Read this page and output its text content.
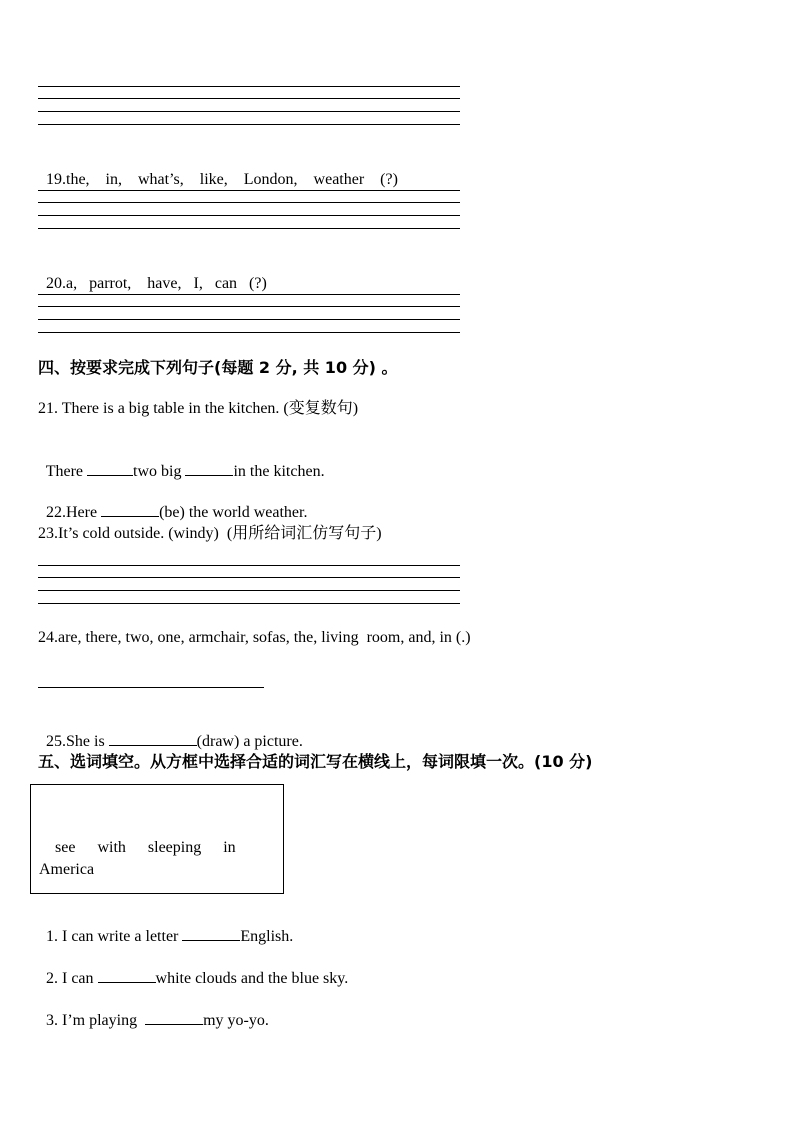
19.the,    in,    what’s,    like,    London,    weather    (?)

20.a,   parrot,    have,   I,   can   (?)

四、按要求完成下列句子(每题 2 分, 共 10 分) 。
21. There is a big table in the kitchen. (变复数句)

There	two big	in the kitchen.

22.Here	(be) the world weather.

23.It’s cold outside. (windy)  (用所给词汇仿写句子)
24.are, there, two, one, armchair, sofas, the, living  room, and, in (.)

25.She is	(draw) a picture.

五、选词填空。从方框中选择合适的词汇写在横线上，每词限填一次。(10 分)

see with sleeping in

America

1. I can write a letter	English.

2. I can	white clouds and the blue sky.

3. I’m playing	my yo-yo.
